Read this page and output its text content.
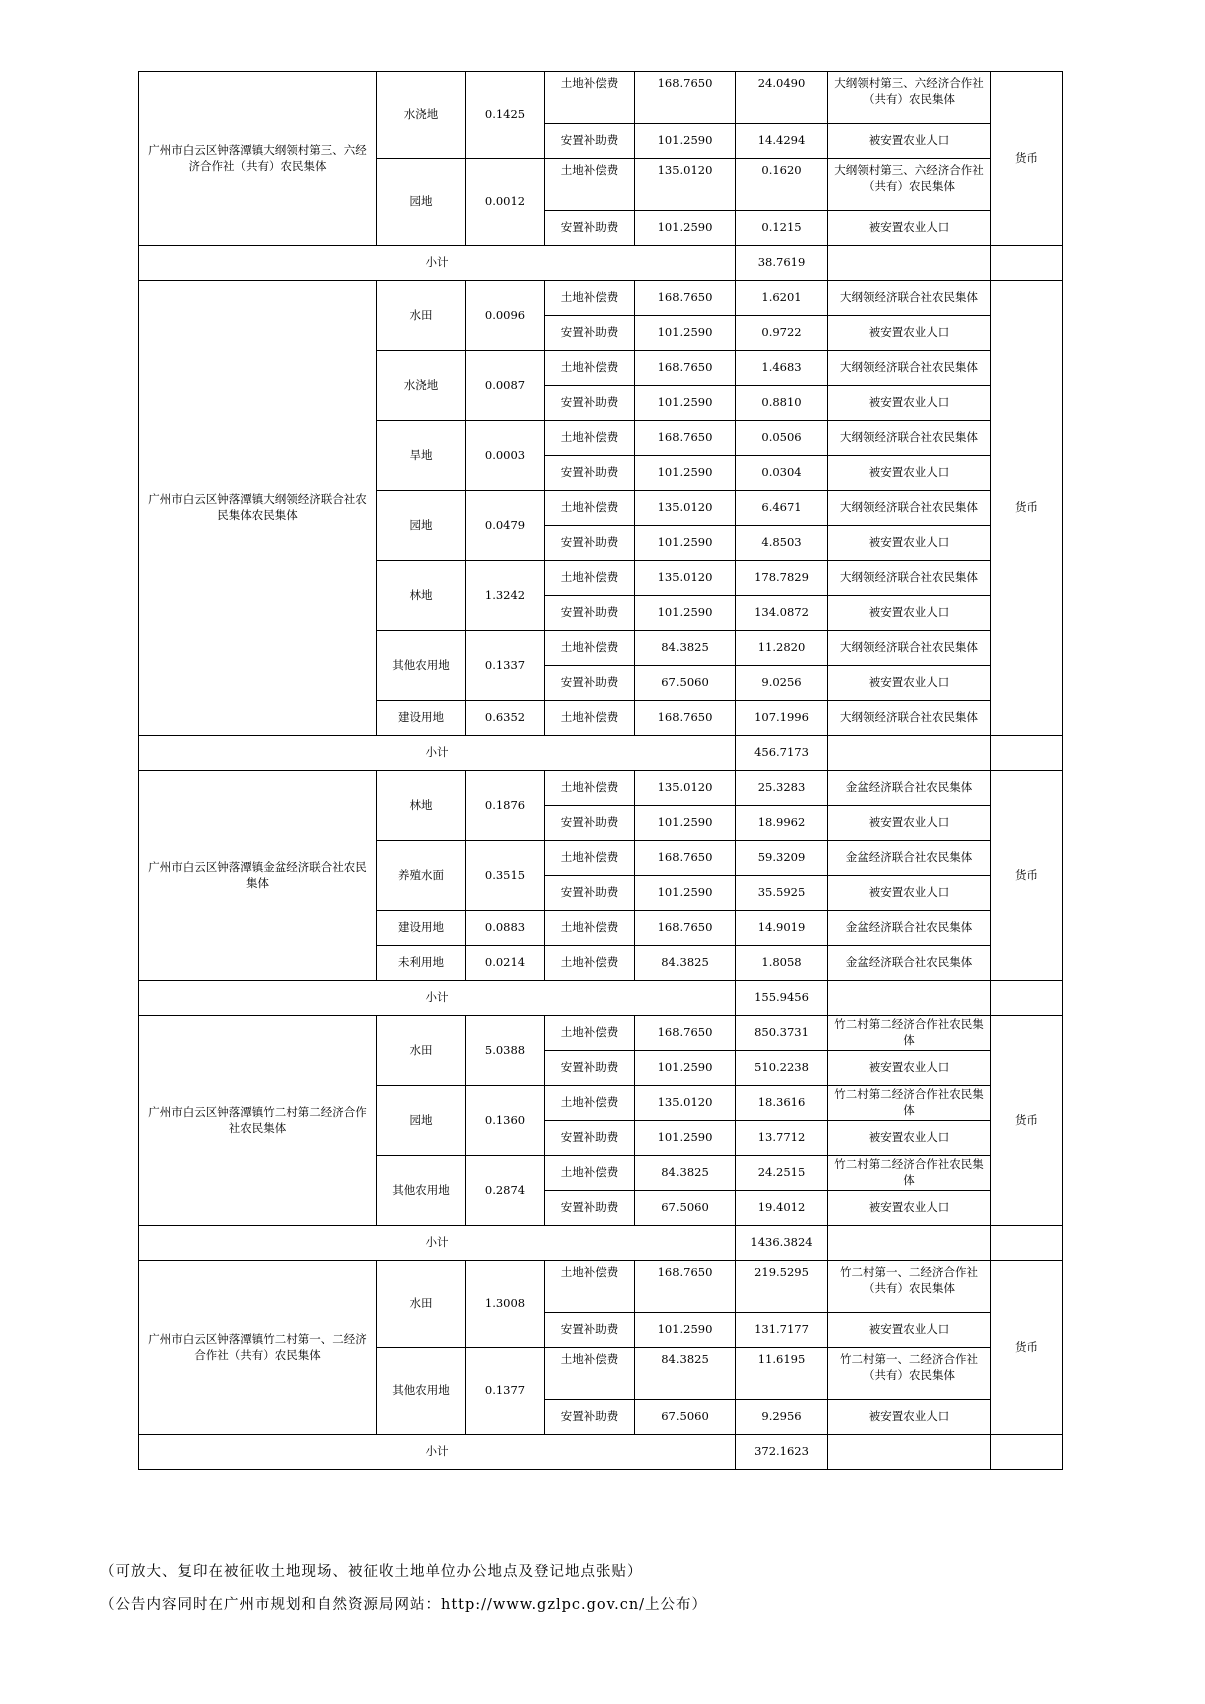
广州市白云区钟落潭镇大纲领村第三、六经济合作社（共有）农民集体	水浇地	0.1425	土地补偿费	168.7650	24.0490	大纲领村第三、六经济合作社（共有）农民集体	货币
			安置补助费	101.2590	14.4294	被安置农业人口	
	园地	0.0012	土地补偿费	135.0120	0.1620	大纲领村第三、六经济合作社（共有）农民集体	
			安置补助费	101.2590	0.1215	被安置农业人口	
小计					38.7619		
广州市白云区钟落潭镇大纲领经济联合社农民集体农民集体	水田	0.0096	土地补偿费	168.7650	1.6201	大纲领经济联合社农民集体	货币
			安置补助费	101.2590	0.9722	被安置农业人口	
	水浇地	0.0087	土地补偿费	168.7650	1.4683	大纲领经济联合社农民集体	
			安置补助费	101.2590	0.8810	被安置农业人口	
	旱地	0.0003	土地补偿费	168.7650	0.0506	大纲领经济联合社农民集体	
			安置补助费	101.2590	0.0304	被安置农业人口	
	园地	0.0479	土地补偿费	135.0120	6.4671	大纲领经济联合社农民集体	
			安置补助费	101.2590	4.8503	被安置农业人口	
	林地	1.3242	土地补偿费	135.0120	178.7829	大纲领经济联合社农民集体	
			安置补助费	101.2590	134.0872	被安置农业人口	
	其他农用地	0.1337	土地补偿费	84.3825	11.2820	大纲领经济联合社农民集体	
			安置补助费	67.5060	9.0256	被安置农业人口	
	建设用地	0.6352	土地补偿费	168.7650	107.1996	大纲领经济联合社农民集体	
小计					456.7173		
广州市白云区钟落潭镇金盆经济联合社农民集体	林地	0.1876	土地补偿费	135.0120	25.3283	金盆经济联合社农民集体	货币
			安置补助费	101.2590	18.9962	被安置农业人口	
	养殖水面	0.3515	土地补偿费	168.7650	59.3209	金盆经济联合社农民集体	
			安置补助费	101.2590	35.5925	被安置农业人口	
	建设用地	0.0883	土地补偿费	168.7650	14.9019	金盆经济联合社农民集体	
	未利用地	0.0214	土地补偿费	84.3825	1.8058	金盆经济联合社农民集体	
小计					155.9456		
广州市白云区钟落潭镇竹二村第二经济合作社农民集体	水田	5.0388	土地补偿费	168.7650	850.3731	竹二村第二经济合作社农民集体	货币
			安置补助费	101.2590	510.2238	被安置农业人口	
	园地	0.1360	土地补偿费	135.0120	18.3616	竹二村第二经济合作社农民集体	
			安置补助费	101.2590	13.7712	被安置农业人口	
	其他农用地	0.2874	土地补偿费	84.3825	24.2515	竹二村第二经济合作社农民集体	
			安置补助费	67.5060	19.4012	被安置农业人口	
小计					1436.3824		
广州市白云区钟落潭镇竹二村第一、二经济合作社（共有）农民集体	水田	1.3008	土地补偿费	168.7650	219.5295	竹二村第一、二经济合作社（共有）农民集体	货币
			安置补助费	101.2590	131.7177	被安置农业人口	
	其他农用地	0.1377	土地补偿费	84.3825	11.6195	竹二村第一、二经济合作社（共有）农民集体	
			安置补助费	67.5060	9.2956	被安置农业人口	
小计					372.1623		
（可放大、复印在被征收土地现场、被征收土地单位办公地点及登记地点张贴）
（公告内容同时在广州市规划和自然资源局网站：http://www.gzlpc.gov.cn/上公布）
